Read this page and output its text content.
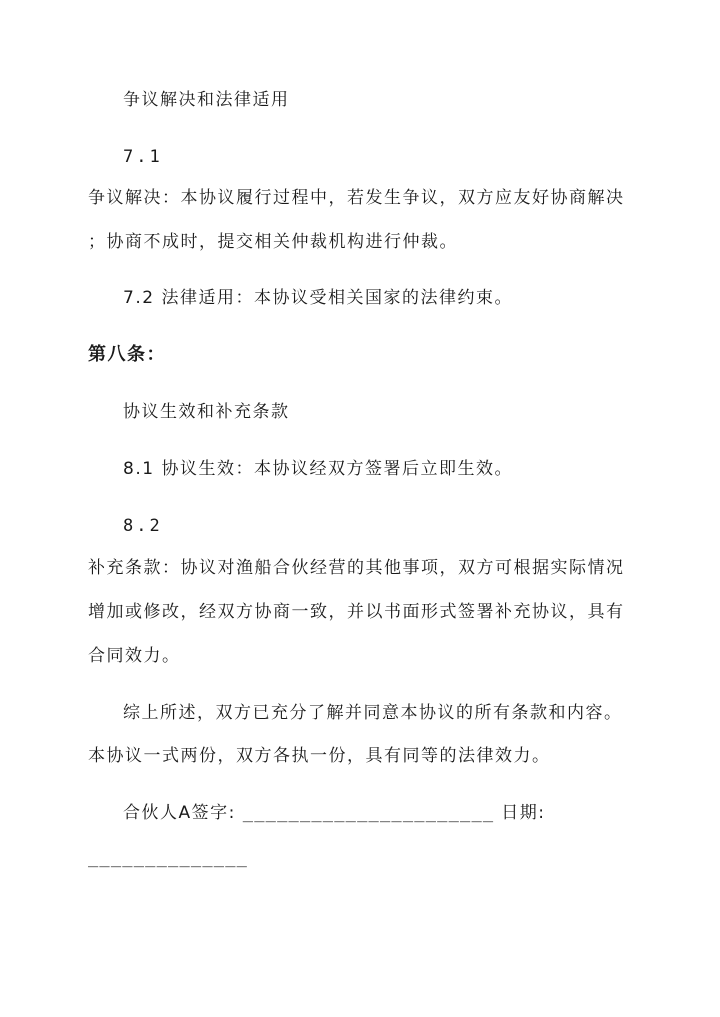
争议解决和法律适用
7.1
争议解决：本协议履行过程中，若发生争议，双方应友好协商解决
；协商不成时，提交相关仲裁机构进行仲裁。
7.2 法律适用：本协议受相关国家的法律约束。
第八条：
协议生效和补充条款
8.1 协议生效：本协议经双方签署后立即生效。
8.2
补充条款：协议对渔船合伙经营的其他事项，双方可根据实际情况
增加或修改，经双方协商一致，并以书面形式签署补充协议，具有
合同效力。
综上所述，双方已充分了解并同意本协议的所有条款和内容。
本协议一式两份，双方各执一份，具有同等的法律效力。
合伙人A签字: ______________________ 日期:
______________
